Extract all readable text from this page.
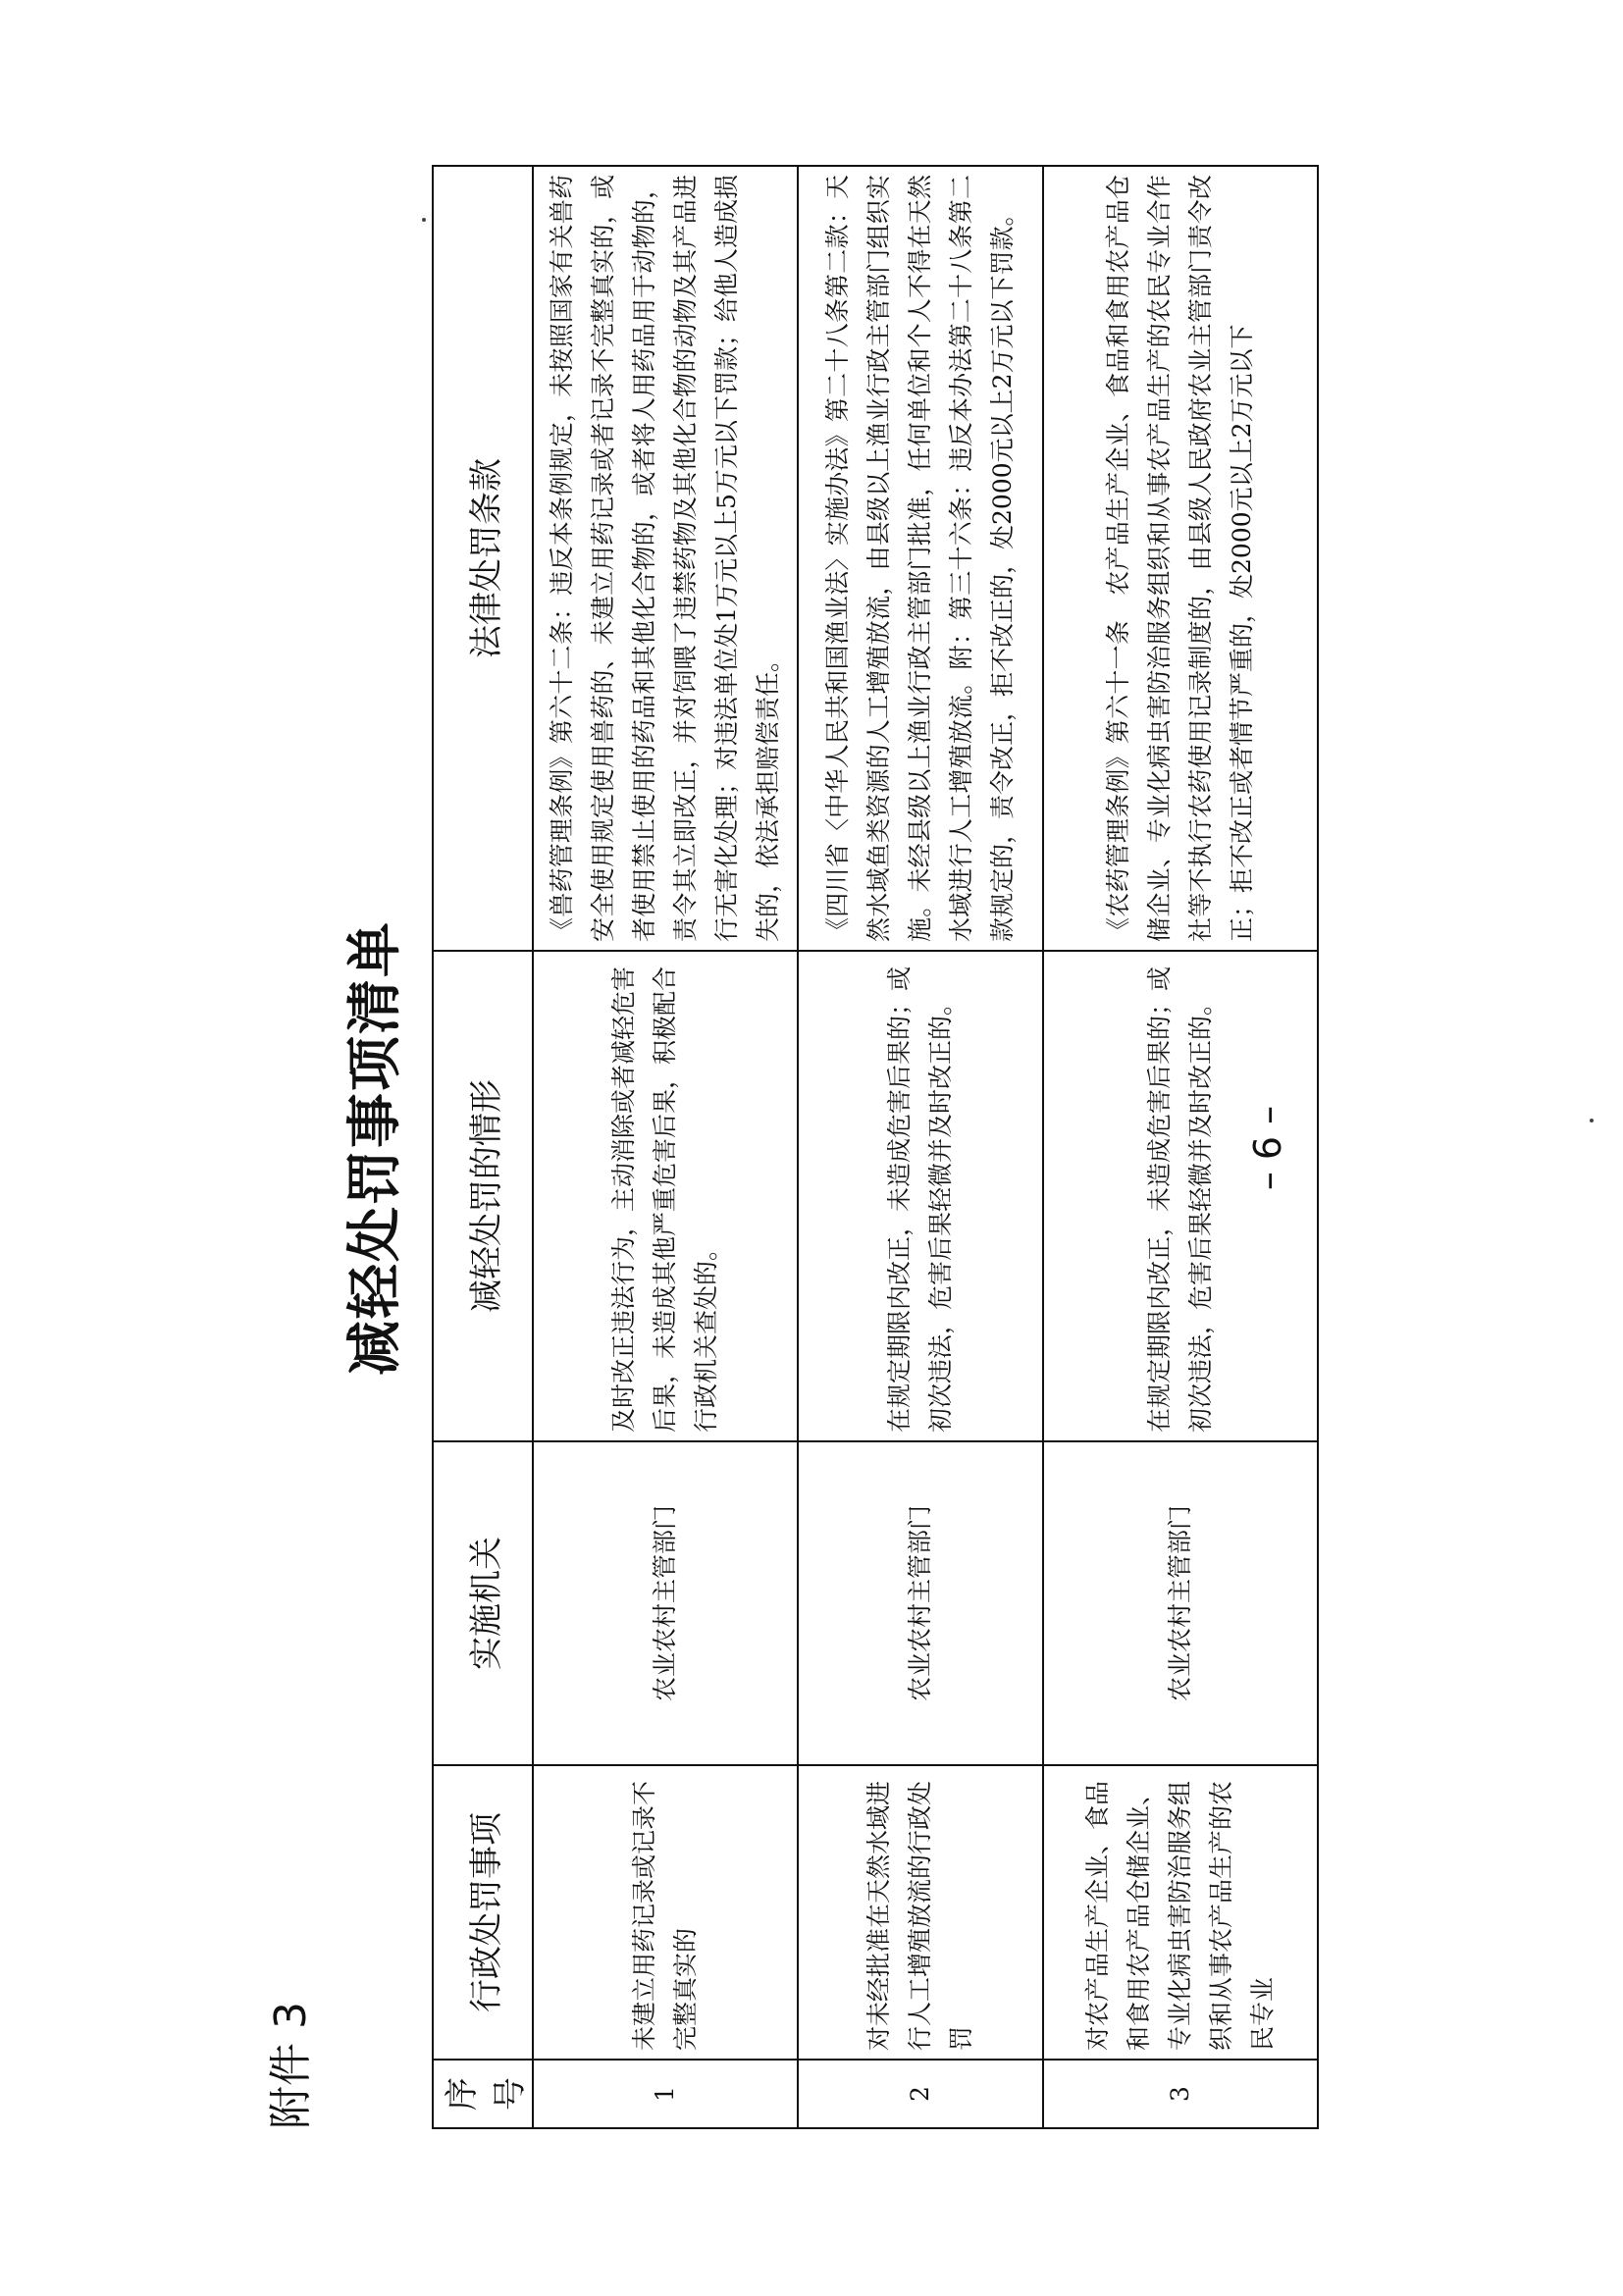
附件 3
减轻处罚事项清单
序号	行政处罚事项	实施机关	减轻处罚的情形	法律处罚条款
1	未建立用药记录或记录不完整真实的	农业农村主管部门	及时改正违法行为，主动消除或者减轻危害后果，未造成其他严重危害后果，积极配合行政机关查处的。	《兽药管理条例》第六十二条：违反本条例规定，未按照国家有关兽药安全使用规定使用兽药的、未建立用药记录或者记录不完整真实的，或者使用禁止使用的药品和其他化合物的，或者将人用药品用于动物的，责令其立即改正，并对饲喂了违禁药物及其他化合物的动物及其产品进行无害化处理；对违法单位处1万元以上5万元以下罚款；给他人造成损失的，依法承担赔偿责任。
2	对未经批准在天然水域进行人工增殖放流的行政处罚	农业农村主管部门	在规定期限内改正，未造成危害后果的；或初次违法，危害后果轻微并及时改正的。	《四川省〈中华人民共和国渔业法〉实施办法》第二十八条第二款：天然水域鱼类资源的人工增殖放流，由县级以上渔业行政主管部门组织实施。未经县级以上渔业行政主管部门批准，任何单位和个人不得在天然水域进行人工增殖放流。附：第三十六条：违反本办法第二十八条第二款规定的，责令改正，拒不改正的，处2000元以上2万元以下罚款。
3	对农产品生产企业、食品和食用农产品仓储企业、专业化病虫害防治服务组织和从事农产品生产的农民专业	农业农村主管部门	在规定期限内改正，未造成危害后果的；或初次违法，危害后果轻微并及时改正的。	《农药管理条例》第六十一条　农产品生产企业、食品和食用农产品仓储企业、专业化病虫害防治服务组织和从事农产品生产的农民专业合作社等不执行农药使用记录制度的，由县级人民政府农业主管部门责令改正；拒不改正或者情节严重的，处2000元以上2万元以下
– 6 –
